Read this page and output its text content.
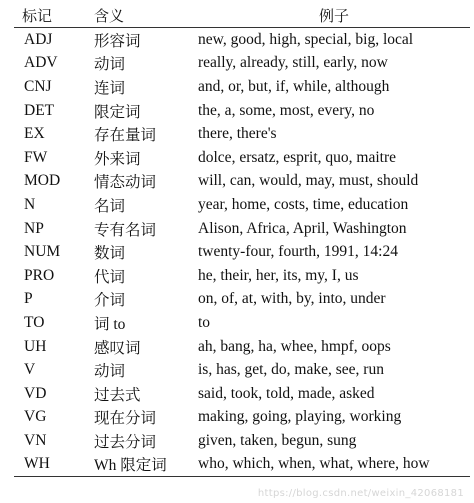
标记	含义	例子
ADJ	形容词	new, good, high, special, big, local
ADV	动词	really, already, still, early, now
CNJ	连词	and, or, but, if, while, although
DET	限定词	the, a, some, most, every, no
EX	存在量词	there, there's
FW	外来词	dolce, ersatz, esprit, quo, maitre
MOD	情态动词	will, can, would, may, must, should
N	名词	year, home, costs, time, education
NP	专有名词	Alison, Africa, April, Washington
NUM	数词	twenty-four, fourth, 1991, 14:24
PRO	代词	he, their, her, its, my, I, us
P	介词	on, of, at, with, by, into, under
TO	词 to	to
UH	感叹词	ah, bang, ha, whee, hmpf, oops
V	动词	is, has, get, do, make, see, run
VD	过去式	said, took, told, made, asked
VG	现在分词	making, going, playing, working
VN	过去分词	given, taken, begun, sung
WH	Wh 限定词	who, which, when, what, where, how
https://blog.csdn.net/weixin_42068181
